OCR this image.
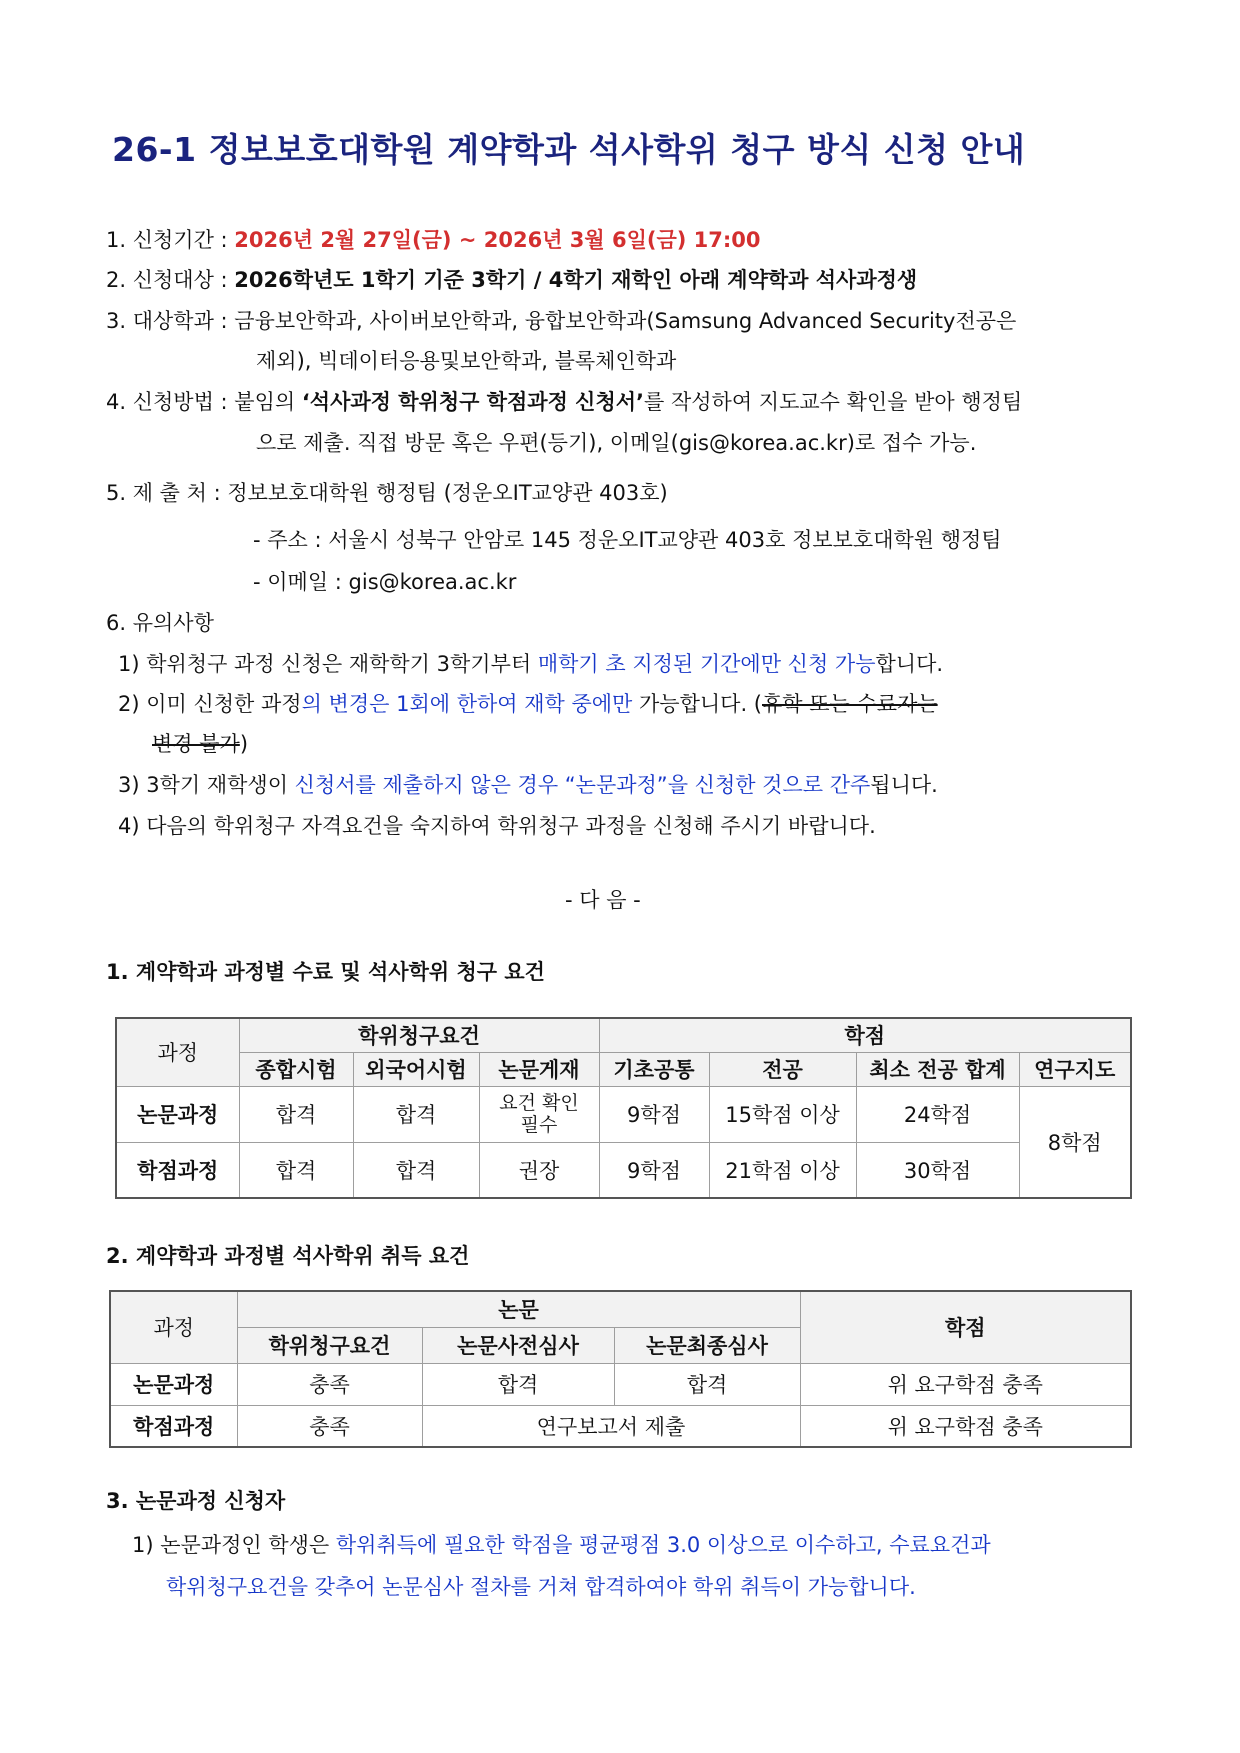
26-1 정보보호대학원 계약학과 석사학위 청구 방식 신청 안내
1. 신청기간 : 2026년 2월 27일(금) ~ 2026년 3월 6일(금) 17:00
2. 신청대상 : 2026학년도 1학기 기준 3학기 / 4학기 재학인 아래 계약학과 석사과정생
3. 대상학과 : 금융보안학과, 사이버보안학과, 융합보안학과(Samsung Advanced Security전공은
제외), 빅데이터응용및보안학과, 블록체인학과
4. 신청방법 : 붙임의 ‘석사과정 학위청구 학점과정 신청서’를 작성하여 지도교수 확인을 받아 행정팀
으로 제출. 직접 방문 혹은 우편(등기), 이메일(gis@korea.ac.kr)로 접수 가능.
5. 제 출 처 : 정보보호대학원 행정팀 (정운오IT교양관 403호)
- 주소 : 서울시 성북구 안암로 145 정운오IT교양관 403호 정보보호대학원 행정팀
- 이메일 : gis@korea.ac.kr
6. 유의사항
1) 학위청구 과정 신청은 재학학기 3학기부터 매학기 초 지정된 기간에만 신청 가능합니다.
2) 이미 신청한 과정의 변경은 1회에 한하여 재학 중에만 가능합니다. (휴학 또는 수료자는
변경 불가)
3) 3학기 재학생이 신청서를 제출하지 않은 경우 “논문과정”을 신청한 것으로 간주됩니다.
4) 다음의 학위청구 자격요건을 숙지하여 학위청구 과정을 신청해 주시기 바랍니다.
- 다 음 -
1. 계약학과 과정별 수료 및 석사학위 청구 요건
과정	학위청구요건			학점			
	종합시험	외국어시험	논문게재	기초공통	전공	최소 전공 합계	연구지도
논문과정	합격	합격	요건 확인 필수	9학점	15학점 이상	24학점	8학점
학점과정	합격	합격	권장	9학점	21학점 이상	30학점	
2. 계약학과 과정별 석사학위 취득 요건
과정	논문			학점
	학위청구요건	논문사전심사	논문최종심사	
논문과정	충족	합격	합격	위 요구학점 충족
학점과정	충족	연구보고서 제출		위 요구학점 충족
3. 논문과정 신청자
1) 논문과정인 학생은 학위취득에 필요한 학점을 평균평점 3.0 이상으로 이수하고, 수료요건과
학위청구요건을 갖추어 논문심사 절차를 거쳐 합격하여야 학위 취득이 가능합니다.
